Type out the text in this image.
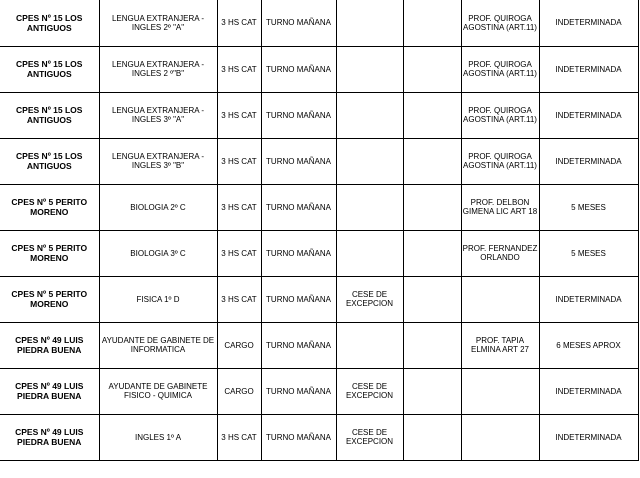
CPES Nº 15 LOS ANTIGUOS	LENGUA EXTRANJERA -INGLES 2º "A"	3 HS CAT	TURNO MAÑANA			PROF. QUIROGA AGOSTINA (ART.11)	INDETERMINADA
CPES Nº 15 LOS ANTIGUOS	LENGUA EXTRANJERA - INGLES 2 º"B"	3 HS CAT	TURNO MAÑANA			PROF. QUIROGA AGOSTINA (ART.11)	INDETERMINADA
CPES Nº 15 LOS ANTIGUOS	LENGUA EXTRANJERA - INGLES 3º "A"	3 HS CAT	TURNO MAÑANA			PROF. QUIROGA AGOSTINA (ART.11)	INDETERMINADA
CPES Nº 15 LOS ANTIGUOS	LENGUA EXTRANJERA - INGLES 3º "B"	3 HS CAT	TURNO MAÑANA			PROF. QUIROGA AGOSTINA (ART.11)	INDETERMINADA
CPES Nº 5 PERITO MORENO	BIOLOGIA 2º C	3 HS CAT	TURNO MAÑANA			PROF. DELBON GIMENA LIC ART 18	5 MESES
CPES Nº 5 PERITO MORENO	BIOLOGIA 3º C	3 HS CAT	TURNO MAÑANA			PROF. FERNANDEZ ORLANDO	5 MESES
CPES Nº 5 PERITO MORENO	FISICA 1º D	3 HS CAT	TURNO MAÑANA	CESE DE EXCEPCION			INDETERMINADA
CPES Nº 49 LUIS PIEDRA BUENA	AYUDANTE DE GABINETE DE INFORMATICA	CARGO	TURNO MAÑANA			PROF. TAPIA ELMINA ART 27	6 MESES APROX
CPES Nº 49 LUIS PIEDRA BUENA	AYUDANTE DE GABINETE FISICO - QUIMICA	CARGO	TURNO MAÑANA	CESE DE EXCEPCION			INDETERMINADA
CPES Nº 49 LUIS PIEDRA BUENA	INGLES 1º A	3 HS CAT	TURNO MAÑANA	CESE DE EXCEPCION			INDETERMINADA
